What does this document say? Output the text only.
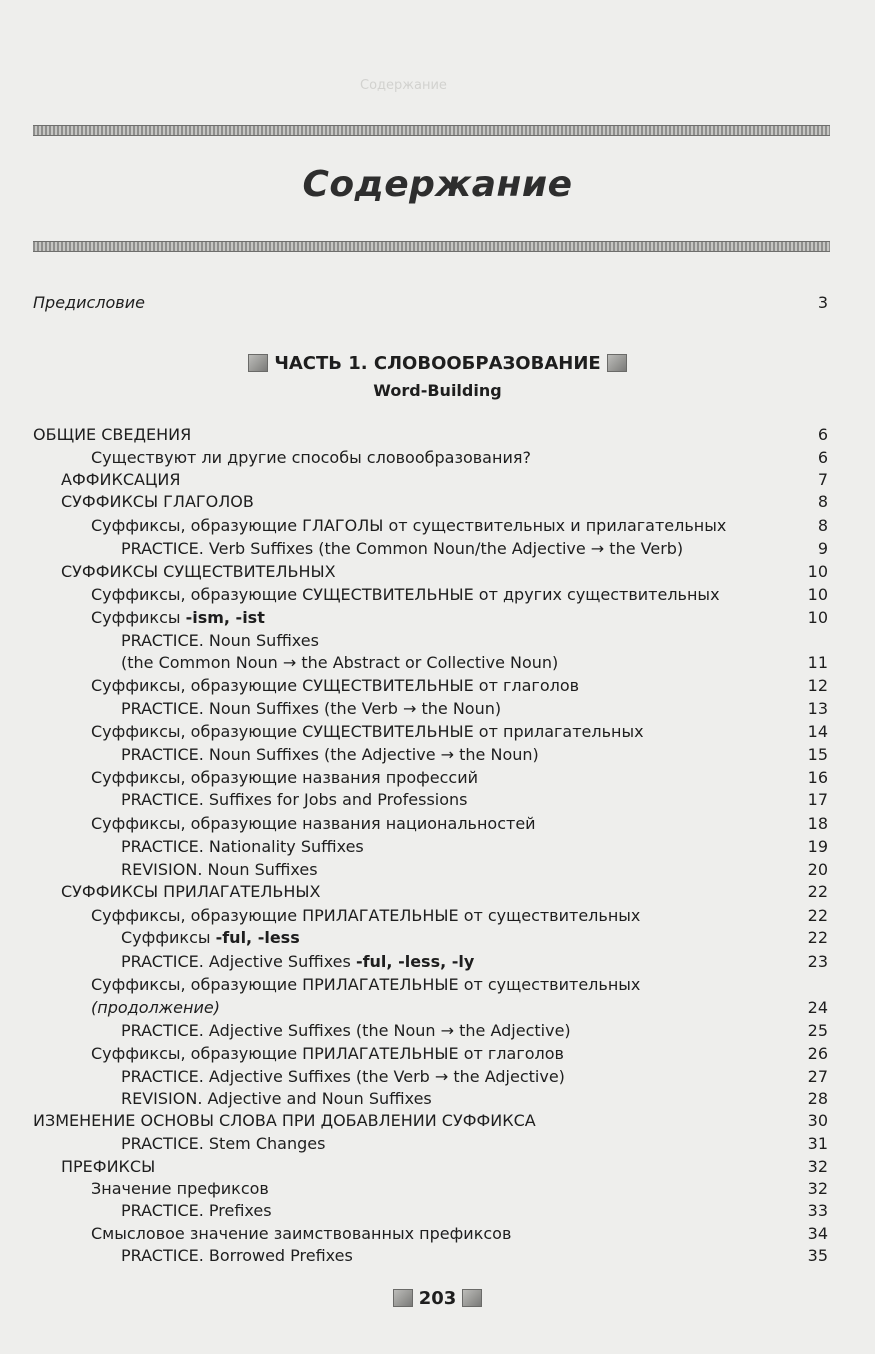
Содержание
Содержание
ЧАСТЬ 1. СЛОВООБРАЗОВАНИЕ
Word-Building
Предисловие	3
ОБЩИЕ СВЕДЕНИЯ	6
Существуют ли другие способы словообразования?	6
АФФИКСАЦИЯ	7
СУФФИКСЫ ГЛАГОЛОВ	8
Суффиксы, образующие ГЛАГОЛЫ от существительных и прилагательных	8
PRACTICE. Verb Suffixes (the Common Noun/the Adjective → the Verb)	9
СУФФИКСЫ СУЩЕСТВИТЕЛЬНЫХ	10
Суффиксы, образующие СУЩЕСТВИТЕЛЬНЫЕ от других существительных	10
Суффиксы -ism, -ist	10
PRACTICE. Noun Suffixes
(the Common Noun → the Abstract or Collective Noun)	11
Суффиксы, образующие СУЩЕСТВИТЕЛЬНЫЕ от глаголов	12
PRACTICE. Noun Suffixes (the Verb → the Noun)	13
Суффиксы, образующие СУЩЕСТВИТЕЛЬНЫЕ от прилагательных	14
PRACTICE. Noun Suffixes (the Adjective → the Noun)	15
Суффиксы, образующие названия профессий	16
PRACTICE. Suffixes for Jobs and Professions	17
Суффиксы, образующие названия национальностей	18
PRACTICE. Nationality Suffixes	19
REVISION. Noun Suffixes	20
СУФФИКСЫ ПРИЛАГАТЕЛЬНЫХ	22
Суффиксы, образующие ПРИЛАГАТЕЛЬНЫЕ от существительных	22
Суффиксы -ful, -less	22
PRACTICE. Adjective Suffixes -ful, -less, -ly	23
Суффиксы, образующие ПРИЛАГАТЕЛЬНЫЕ от существительных
(продолжение)	24
PRACTICE. Adjective Suffixes (the Noun → the Adjective)	25
Суффиксы, образующие ПРИЛАГАТЕЛЬНЫЕ от глаголов	26
PRACTICE. Adjective Suffixes (the Verb → the Adjective)	27
REVISION. Adjective and Noun Suffixes	28
ИЗМЕНЕНИЕ ОСНОВЫ СЛОВА ПРИ ДОБАВЛЕНИИ СУФФИКСА	30
PRACTICE. Stem Changes	31
ПРЕФИКСЫ	32
Значение префиксов	32
PRACTICE. Prefixes	33
Смысловое значение заимствованных префиксов	34
PRACTICE. Borrowed Prefixes	35
203
